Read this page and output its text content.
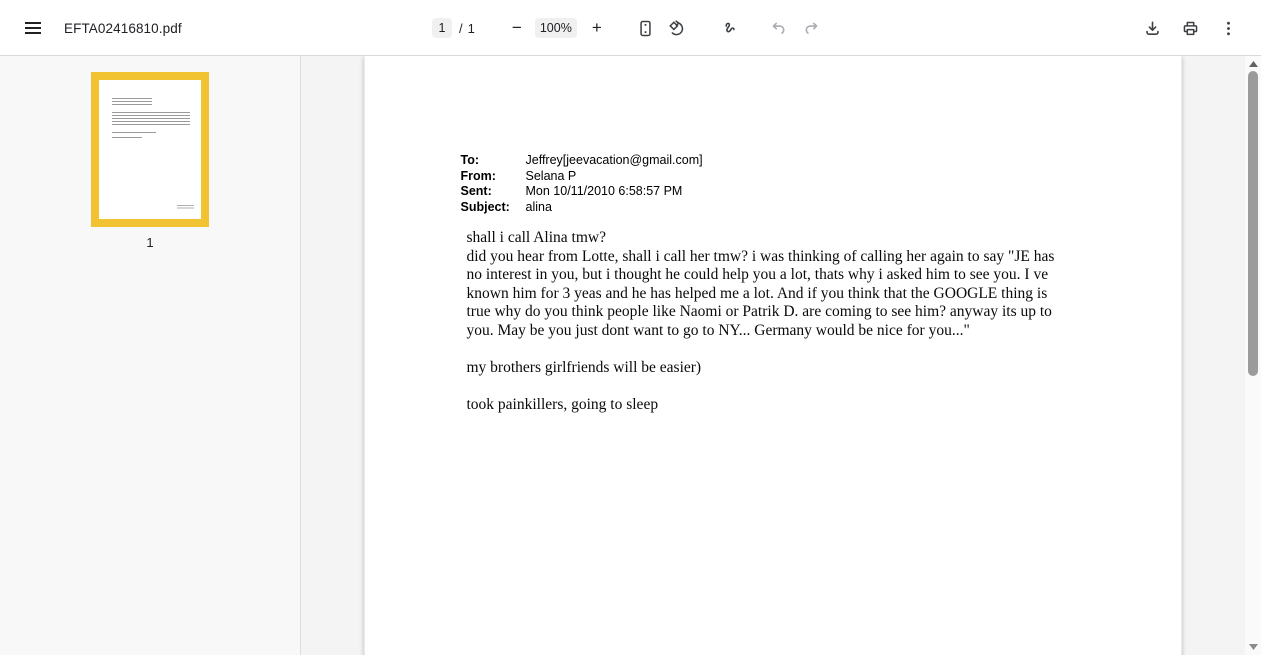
EFTA02416810.pdf
1	/ 1 −	100% +
1
To:	Jeffrey[jeevacation@gmail.com]
From:	Selana P
Sent:	Mon 10/11/2010 6:58:57 PM
Subject:	alina
shall i call Alina tmw?
did you hear from Lotte, shall i call her tmw? i was thinking of calling her again to say "JE has
no interest in you, but i thought he could help you a lot, thats why i asked him to see you. I ve
known him for 3 yeas and he has helped me a lot. And if you think that the GOOGLE thing is
true why do you think people like Naomi or Patrik D. are coming to see him? anyway its up to
you. May be you just dont want to go to NY... Germany would be nice for you..."

my brothers girlfriends will be easier)

took painkillers, going to sleep
